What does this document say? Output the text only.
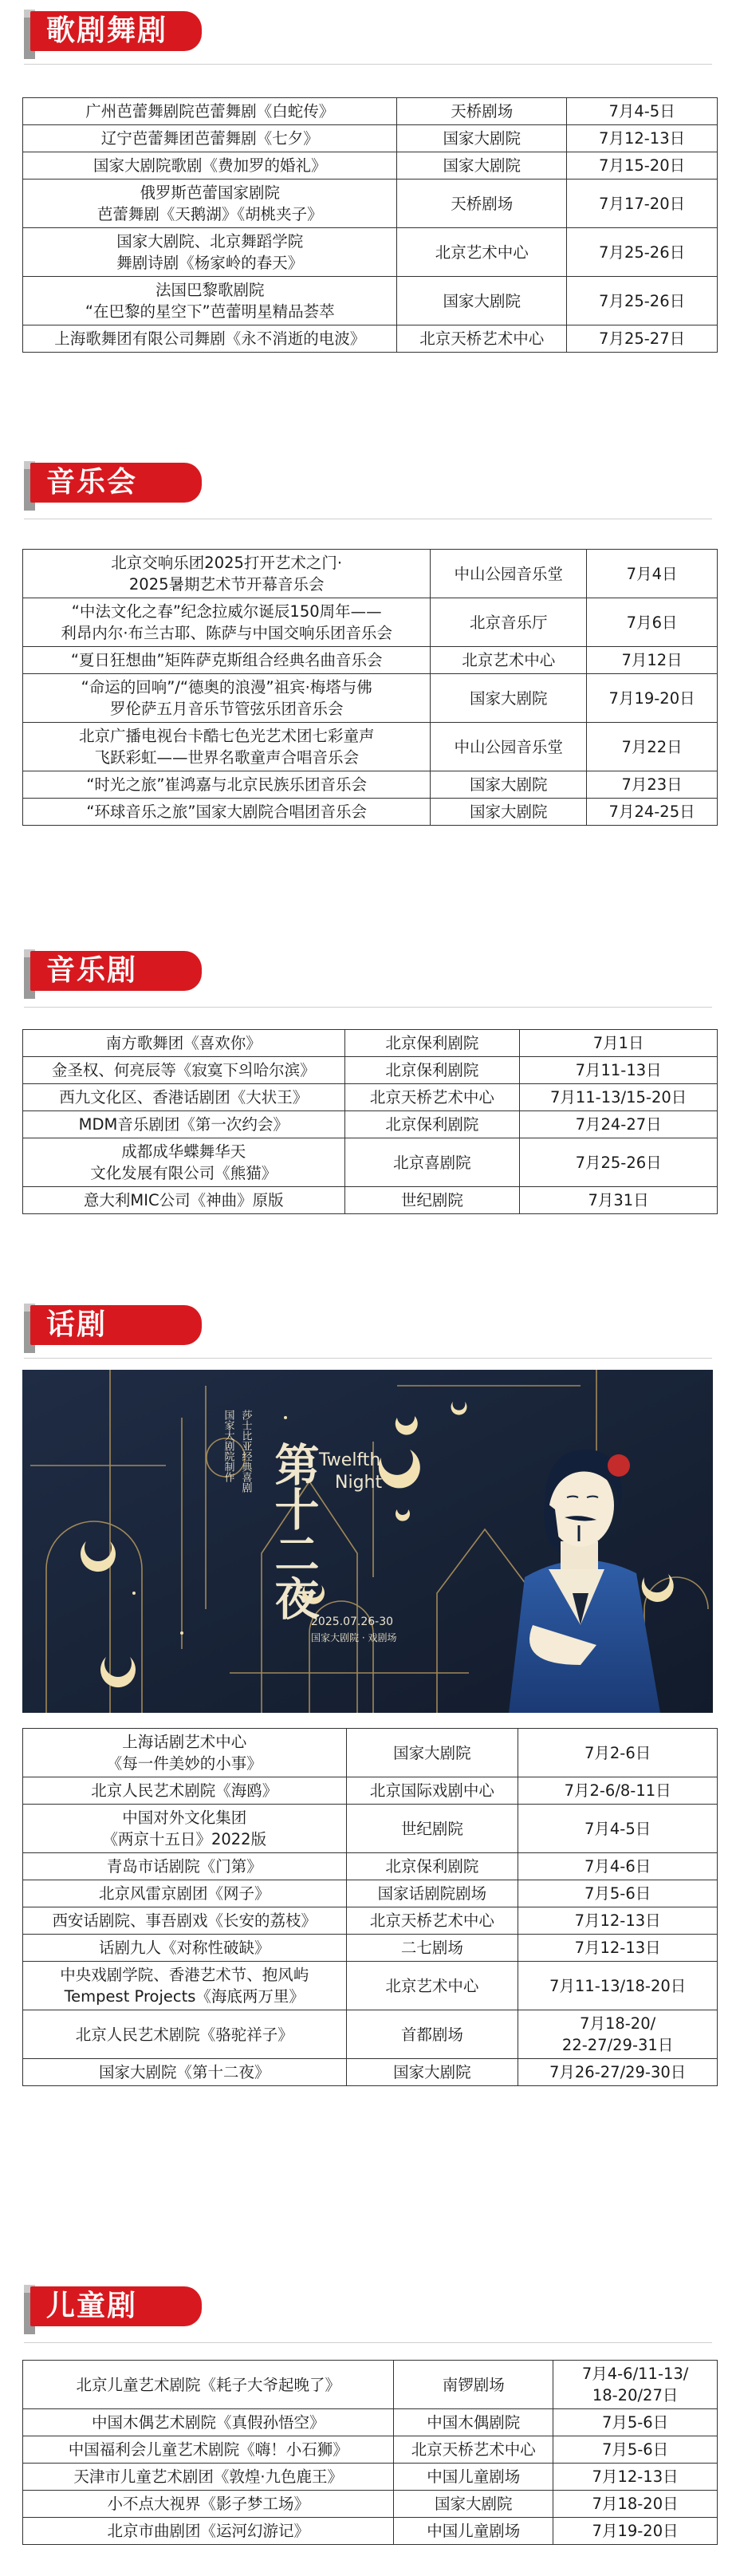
歌剧舞剧
广州芭蕾舞剧院芭蕾舞剧《白蛇传》	天桥剧场	7月4-5日
辽宁芭蕾舞团芭蕾舞剧《七夕》	国家大剧院	7月12-13日
国家大剧院歌剧《费加罗的婚礼》	国家大剧院	7月15-20日
俄罗斯芭蕾国家剧院
芭蕾舞剧《天鹅湖》《胡桃夹子》	天桥剧场	7月17-20日
国家大剧院、北京舞蹈学院
舞剧诗剧《杨家岭的春天》	北京艺术中心	7月25-26日
法国巴黎歌剧院
“在巴黎的星空下”芭蕾明星精品荟萃	国家大剧院	7月25-26日
上海歌舞团有限公司舞剧《永不消逝的电波》	北京天桥艺术中心	7月25-27日
音乐会
北京交响乐团2025打开艺术之门·
2025暑期艺术节开幕音乐会	中山公园音乐堂	7月4日
“中法文化之春”纪念拉威尔诞辰150周年——
利昂内尔·布兰古耶、陈萨与中国交响乐团音乐会	北京音乐厅	7月6日
“夏日狂想曲”矩阵萨克斯组合经典名曲音乐会	北京艺术中心	7月12日
“命运的回响”/“德奥的浪漫”祖宾·梅塔与佛
罗伦萨五月音乐节管弦乐团音乐会	国家大剧院	7月19-20日
北京广播电视台卡酷七色光艺术团七彩童声
飞跃彩虹——世界名歌童声合唱音乐会	中山公园音乐堂	7月22日
“时光之旅”崔鸿嘉与北京民族乐团音乐会	国家大剧院	7月23日
“环球音乐之旅”国家大剧院合唱团音乐会	国家大剧院	7月24-25日
音乐剧
南方歌舞团《喜欢你》	北京保利剧院	7月1日
金圣权、何亮辰等《寂寞下의哈尔滨》	北京保利剧院	7月11-13日
西九文化区、香港话剧团《大状王》	北京天桥艺术中心	7月11-13/15-20日
MDM音乐剧团《第一次约会》	北京保利剧院	7月24-27日
成都成华蝶舞华天
文化发展有限公司《熊猫》	北京喜剧院	7月25-26日
意大利MIC公司《神曲》原版	世纪剧院	7月31日
话剧
国家大剧院制作 莎士比亚经典喜剧 第十二夜 Twelfth
Night
2025.07.26-30
国家大剧院 · 戏剧场
上海话剧艺术中心
《每一件美妙的小事》	国家大剧院	7月2-6日
北京人民艺术剧院《海鸥》	北京国际戏剧中心	7月2-6/8-11日
中国对外文化集团
《两京十五日》2022版	世纪剧院	7月4-5日
青岛市话剧院《门第》	北京保利剧院	7月4-6日
北京风雷京剧团《网子》	国家话剧院剧场	7月5-6日
西安话剧院、事吾剧戏《长安的荔枝》	北京天桥艺术中心	7月12-13日
话剧九人《对称性破缺》	二七剧场	7月12-13日
中央戏剧学院、香港艺术节、抱风屿
Tempest Projects《海底两万里》	北京艺术中心	7月11-13/18-20日
北京人民艺术剧院《骆驼祥子》	首都剧场	7月18-20/
22-27/29-31日
国家大剧院《第十二夜》	国家大剧院	7月26-27/29-30日
儿童剧
北京儿童艺术剧院《耗子大爷起晚了》	南锣剧场	7月4-6/11-13/
18-20/27日
中国木偶艺术剧院《真假孙悟空》	中国木偶剧院	7月5-6日
中国福利会儿童艺术剧院《嗨！小石狮》	北京天桥艺术中心	7月5-6日
天津市儿童艺术剧团《敦煌·九色鹿王》	中国儿童剧场	7月12-13日
小不点大视界《影子梦工场》	国家大剧院	7月18-20日
北京市曲剧团《运河幻游记》	中国儿童剧场	7月19-20日
